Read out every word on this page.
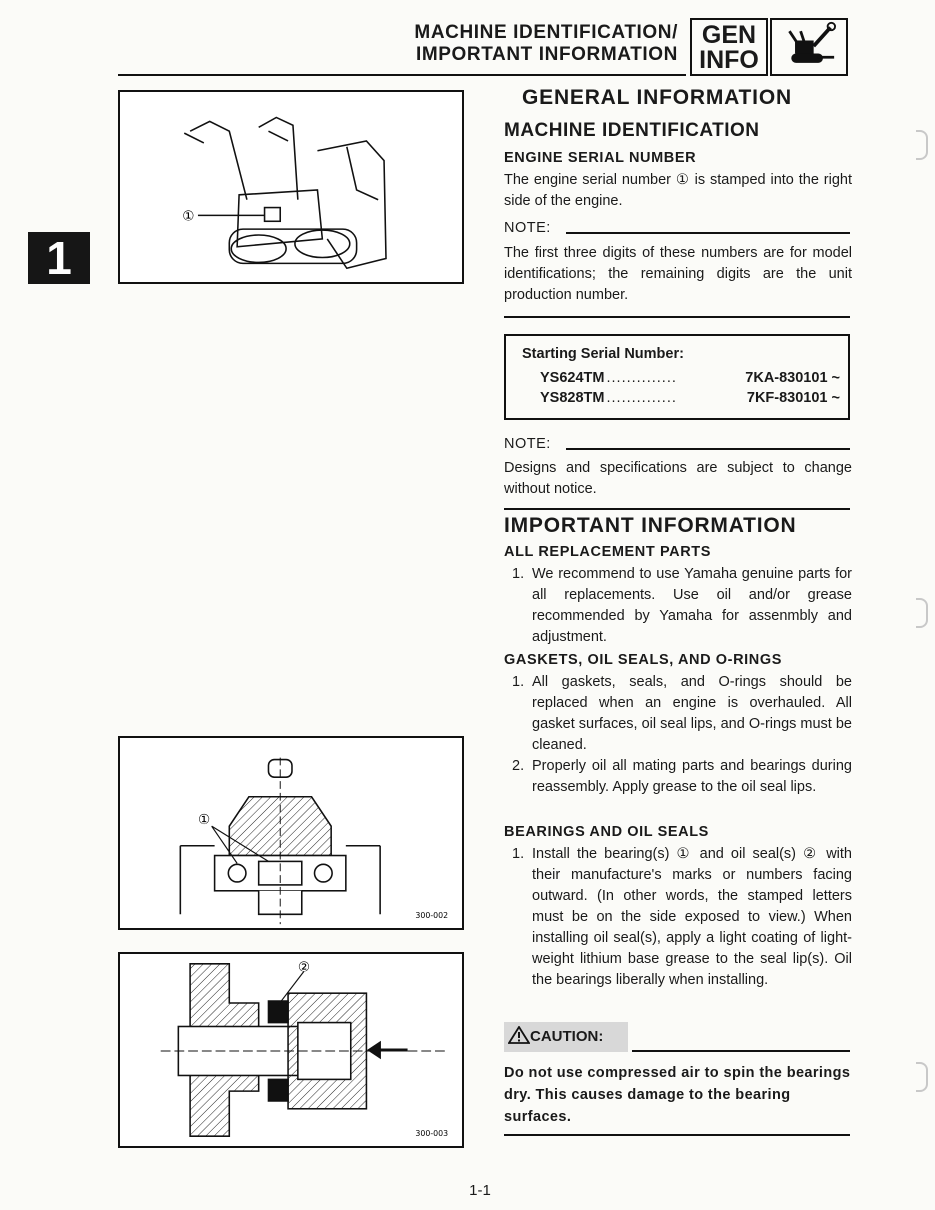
MACHINE IDENTIFICATION/
IMPORTANT INFORMATION
GEN
INFO
1
①
①
300-002
②
300-003
GENERAL INFORMATION
MACHINE IDENTIFICATION
ENGINE SERIAL NUMBER
The engine serial number ① is stamped into the right side of the engine.
NOTE:
The first three digits of these numbers are for model identifications; the remaining digits are the unit production number.
Starting Serial Number:
YS624TM ..............	7KA-830101 ~
YS828TM ..............	7KF-830101 ~
NOTE:
Designs and specifications are subject to change without notice.
IMPORTANT INFORMATION
ALL REPLACEMENT PARTS
1. We recommend to use Yamaha genuine parts for all replacements. Use oil and/or grease recommended by Yamaha for assenmbly and adjustment.
GASKETS, OIL SEALS, AND O-RINGS
1. All gaskets, seals, and O-rings should be replaced when an engine is overhauled. All gasket surfaces, oil seal lips, and O-rings must be cleaned.
2. Properly oil all mating parts and bearings during reassembly. Apply grease to the oil seal lips.
BEARINGS AND OIL SEALS
1. Install the bearing(s) ① and oil seal(s) ② with their manufacture's marks or numbers facing outward. (In other words, the stamped letters must be on the side exposed to view.) When installing oil seal(s), apply a light coating of light-weight lithium base grease to the seal lip(s). Oil the bearings liberally when installing.
CAUTION:
Do not use compressed air to spin the bearings dry. This causes damage to the bearing surfaces.
1-1
